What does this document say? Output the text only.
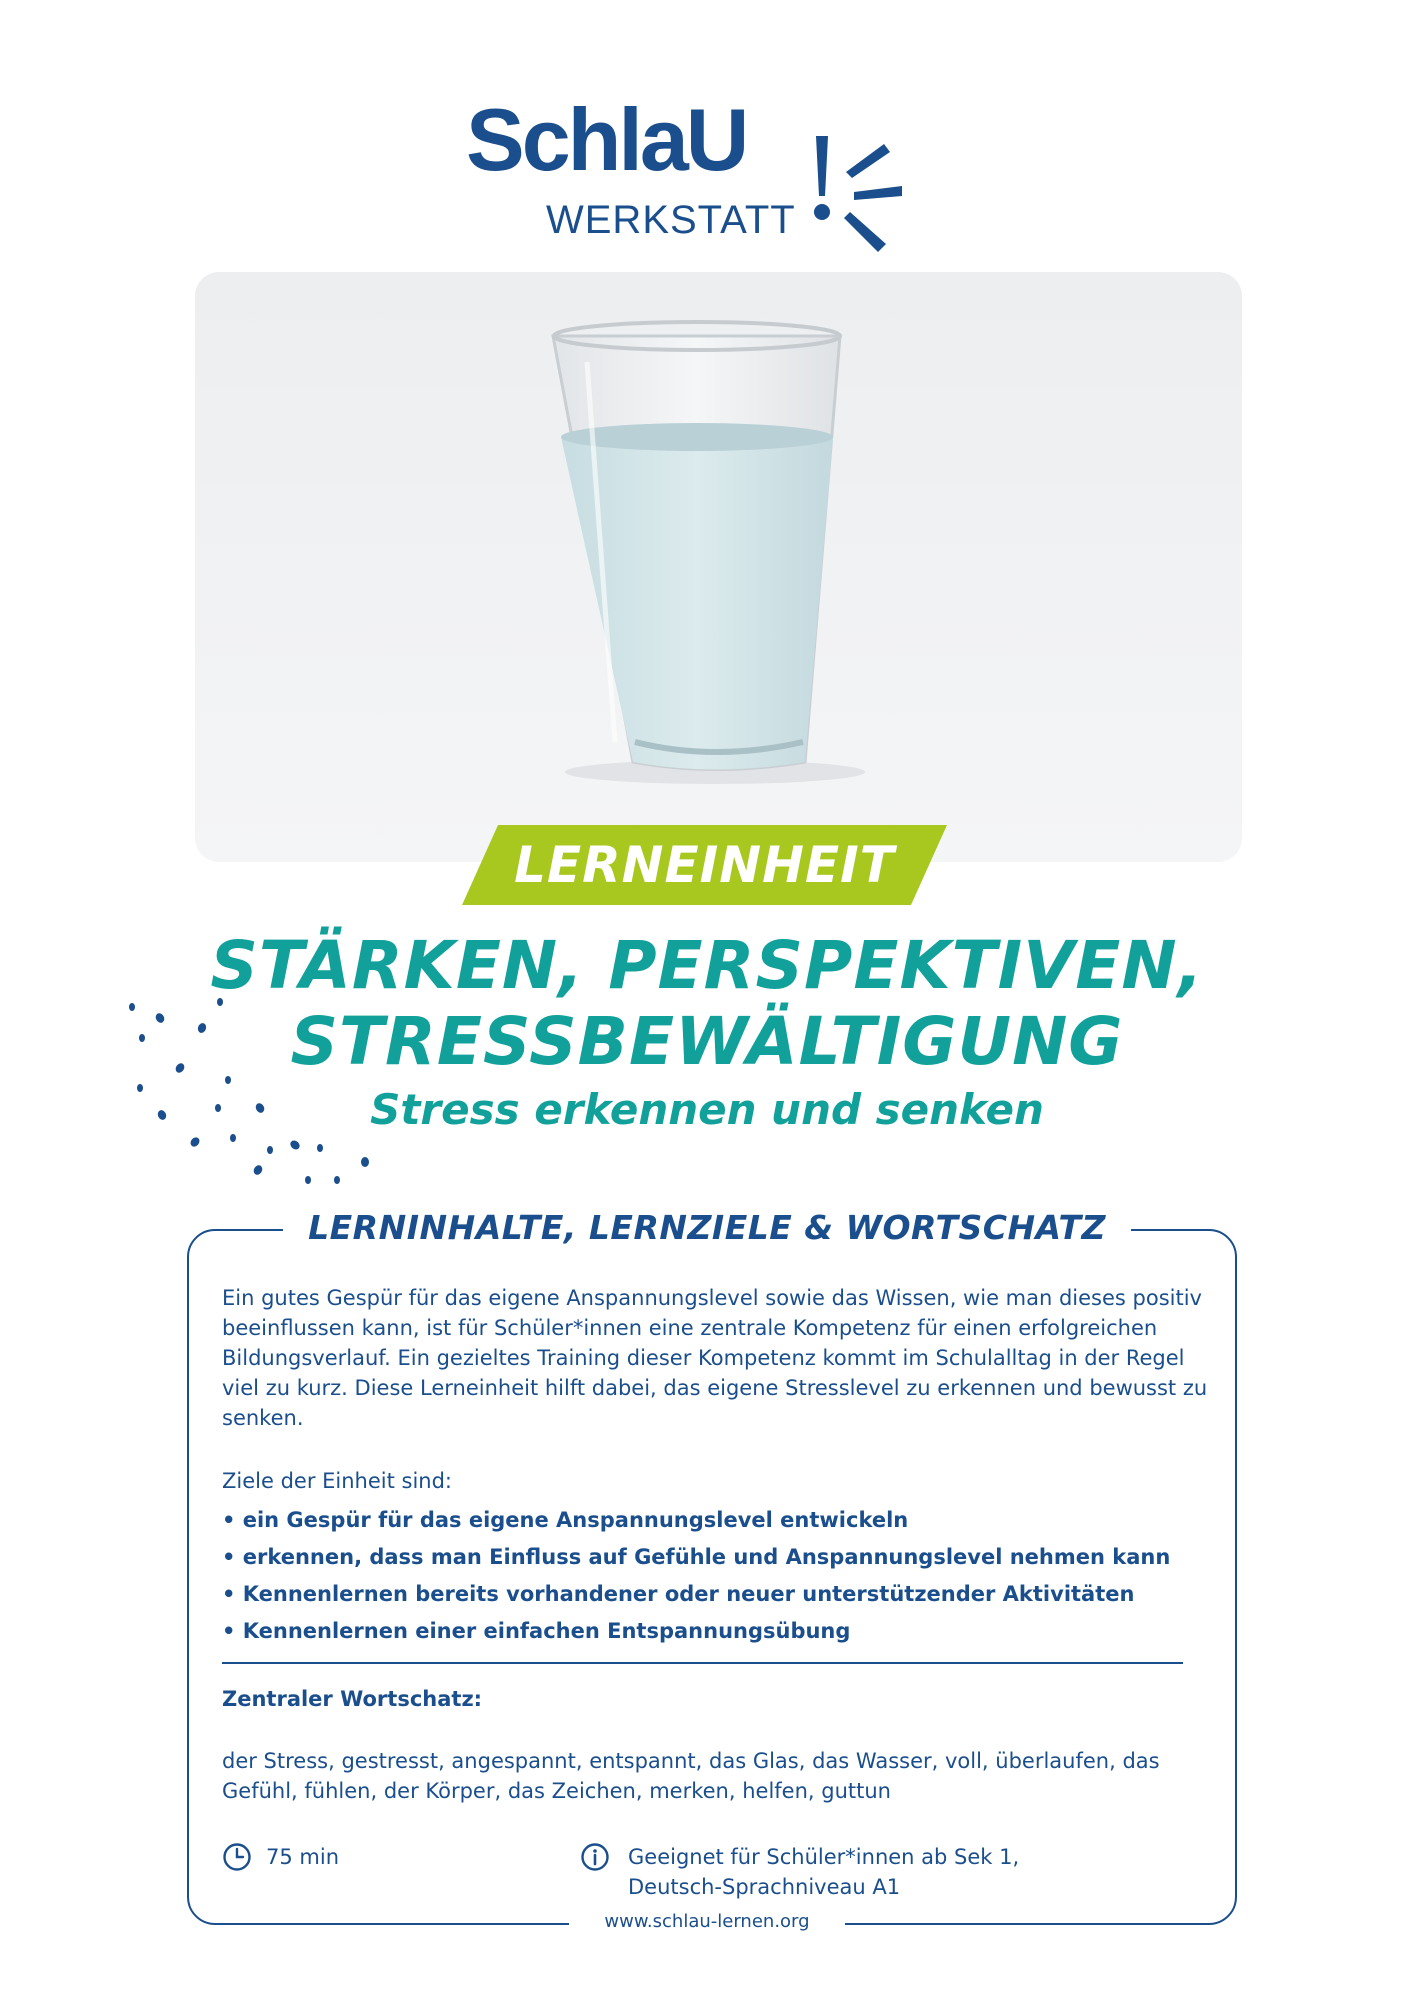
SchlaU
WERKSTATT
LERNEINHEIT
STÄRKEN, PERSPEKTIVEN,
STRESSBEWÄLTIGUNG
Stress erkennen und senken
LERNINHALTE, LERNZIELE & WORTSCHATZ

Ein gutes Gespür für das eigene Anspannungslevel sowie das Wissen, wie man dieses positiv beeinflussen kann, ist für Schüler*innen eine zentrale Kompetenz für einen erfolgreichen Bildungsverlauf. Ein gezieltes Training dieser Kompetenz kommt im Schulalltag in der Regel viel zu kurz. Diese Lerneinheit hilft dabei, das eigene Stresslevel zu erkennen und bewusst zu senken.

Ziele der Einheit sind:

• ein Gespür für das eigene Anspannungslevel entwickeln
• erkennen, dass man Einfluss auf Gefühle und Anspannungslevel nehmen kann
• Kennenlernen bereits vorhandener oder neuer unterstützender Aktivitäten
• Kennenlernen einer einfachen Entspannungsübung

Zentraler Wortschatz:

der Stress, gestresst, angespannt, entspannt, das Glas, das Wasser, voll, überlaufen, das Gefühl, fühlen, der Körper, das Zeichen, merken, helfen, guttun

75 min	Geeignet für Schüler*innen ab Sek 1,
Deutsch-Sprachniveau A1
www.schlau-lernen.org
